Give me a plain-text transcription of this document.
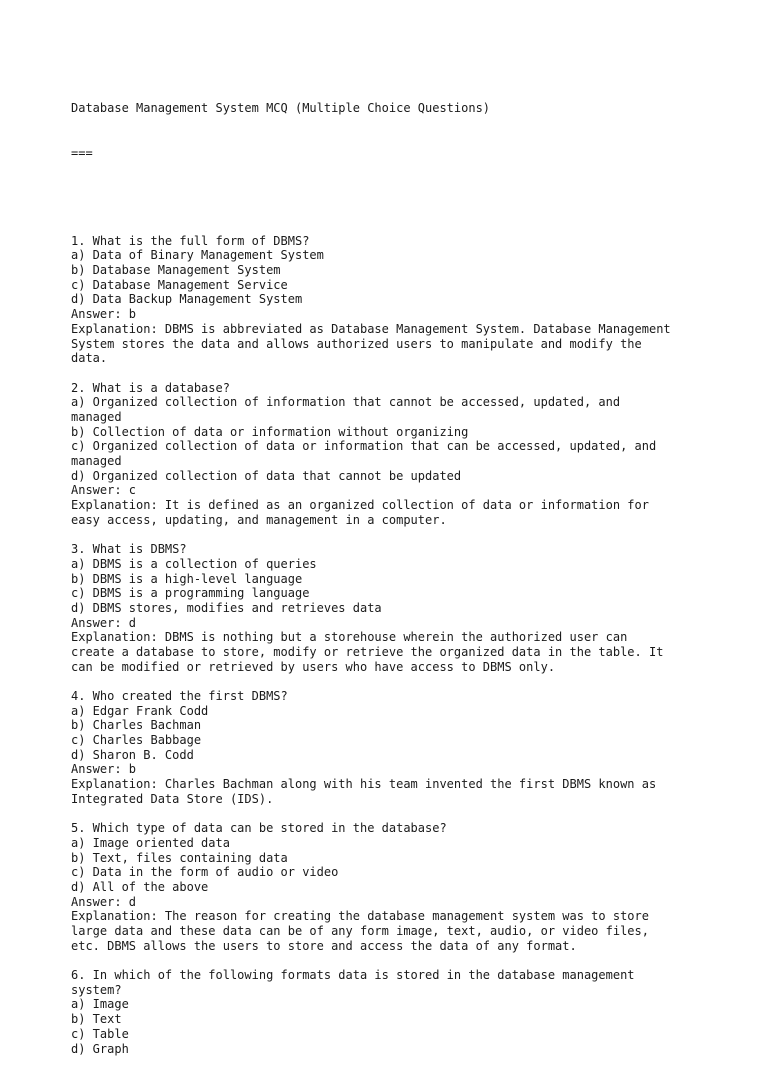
Database Management System MCQ (Multiple Choice Questions)

===

1. What is the full form of DBMS?
a) Data of Binary Management System
b) Database Management System
c) Database Management Service
d) Data Backup Management System
Answer: b
Explanation: DBMS is abbreviated as Database Management System. Database Management
System stores the data and allows authorized users to manipulate and modify the
data.
2. What is a database?
a) Organized collection of information that cannot be accessed, updated, and
managed
b) Collection of data or information without organizing
c) Organized collection of data or information that can be accessed, updated, and
managed
d) Organized collection of data that cannot be updated
Answer: c
Explanation: It is defined as an organized collection of data or information for
easy access, updating, and management in a computer.
3. What is DBMS?
a) DBMS is a collection of queries
b) DBMS is a high-level language
c) DBMS is a programming language
d) DBMS stores, modifies and retrieves data
Answer: d
Explanation: DBMS is nothing but a storehouse wherein the authorized user can
create a database to store, modify or retrieve the organized data in the table. It
can be modified or retrieved by users who have access to DBMS only.
4. Who created the first DBMS?
a) Edgar Frank Codd
b) Charles Bachman
c) Charles Babbage
d) Sharon B. Codd
Answer: b
Explanation: Charles Bachman along with his team invented the first DBMS known as
Integrated Data Store (IDS).
5. Which type of data can be stored in the database?
a) Image oriented data
b) Text, files containing data
c) Data in the form of audio or video
d) All of the above
Answer: d
Explanation: The reason for creating the database management system was to store
large data and these data can be of any form image, text, audio, or video files,
etc. DBMS allows the users to store and access the data of any format.
6. In which of the following formats data is stored in the database management
system?
a) Image
b) Text
c) Table
d) Graph
